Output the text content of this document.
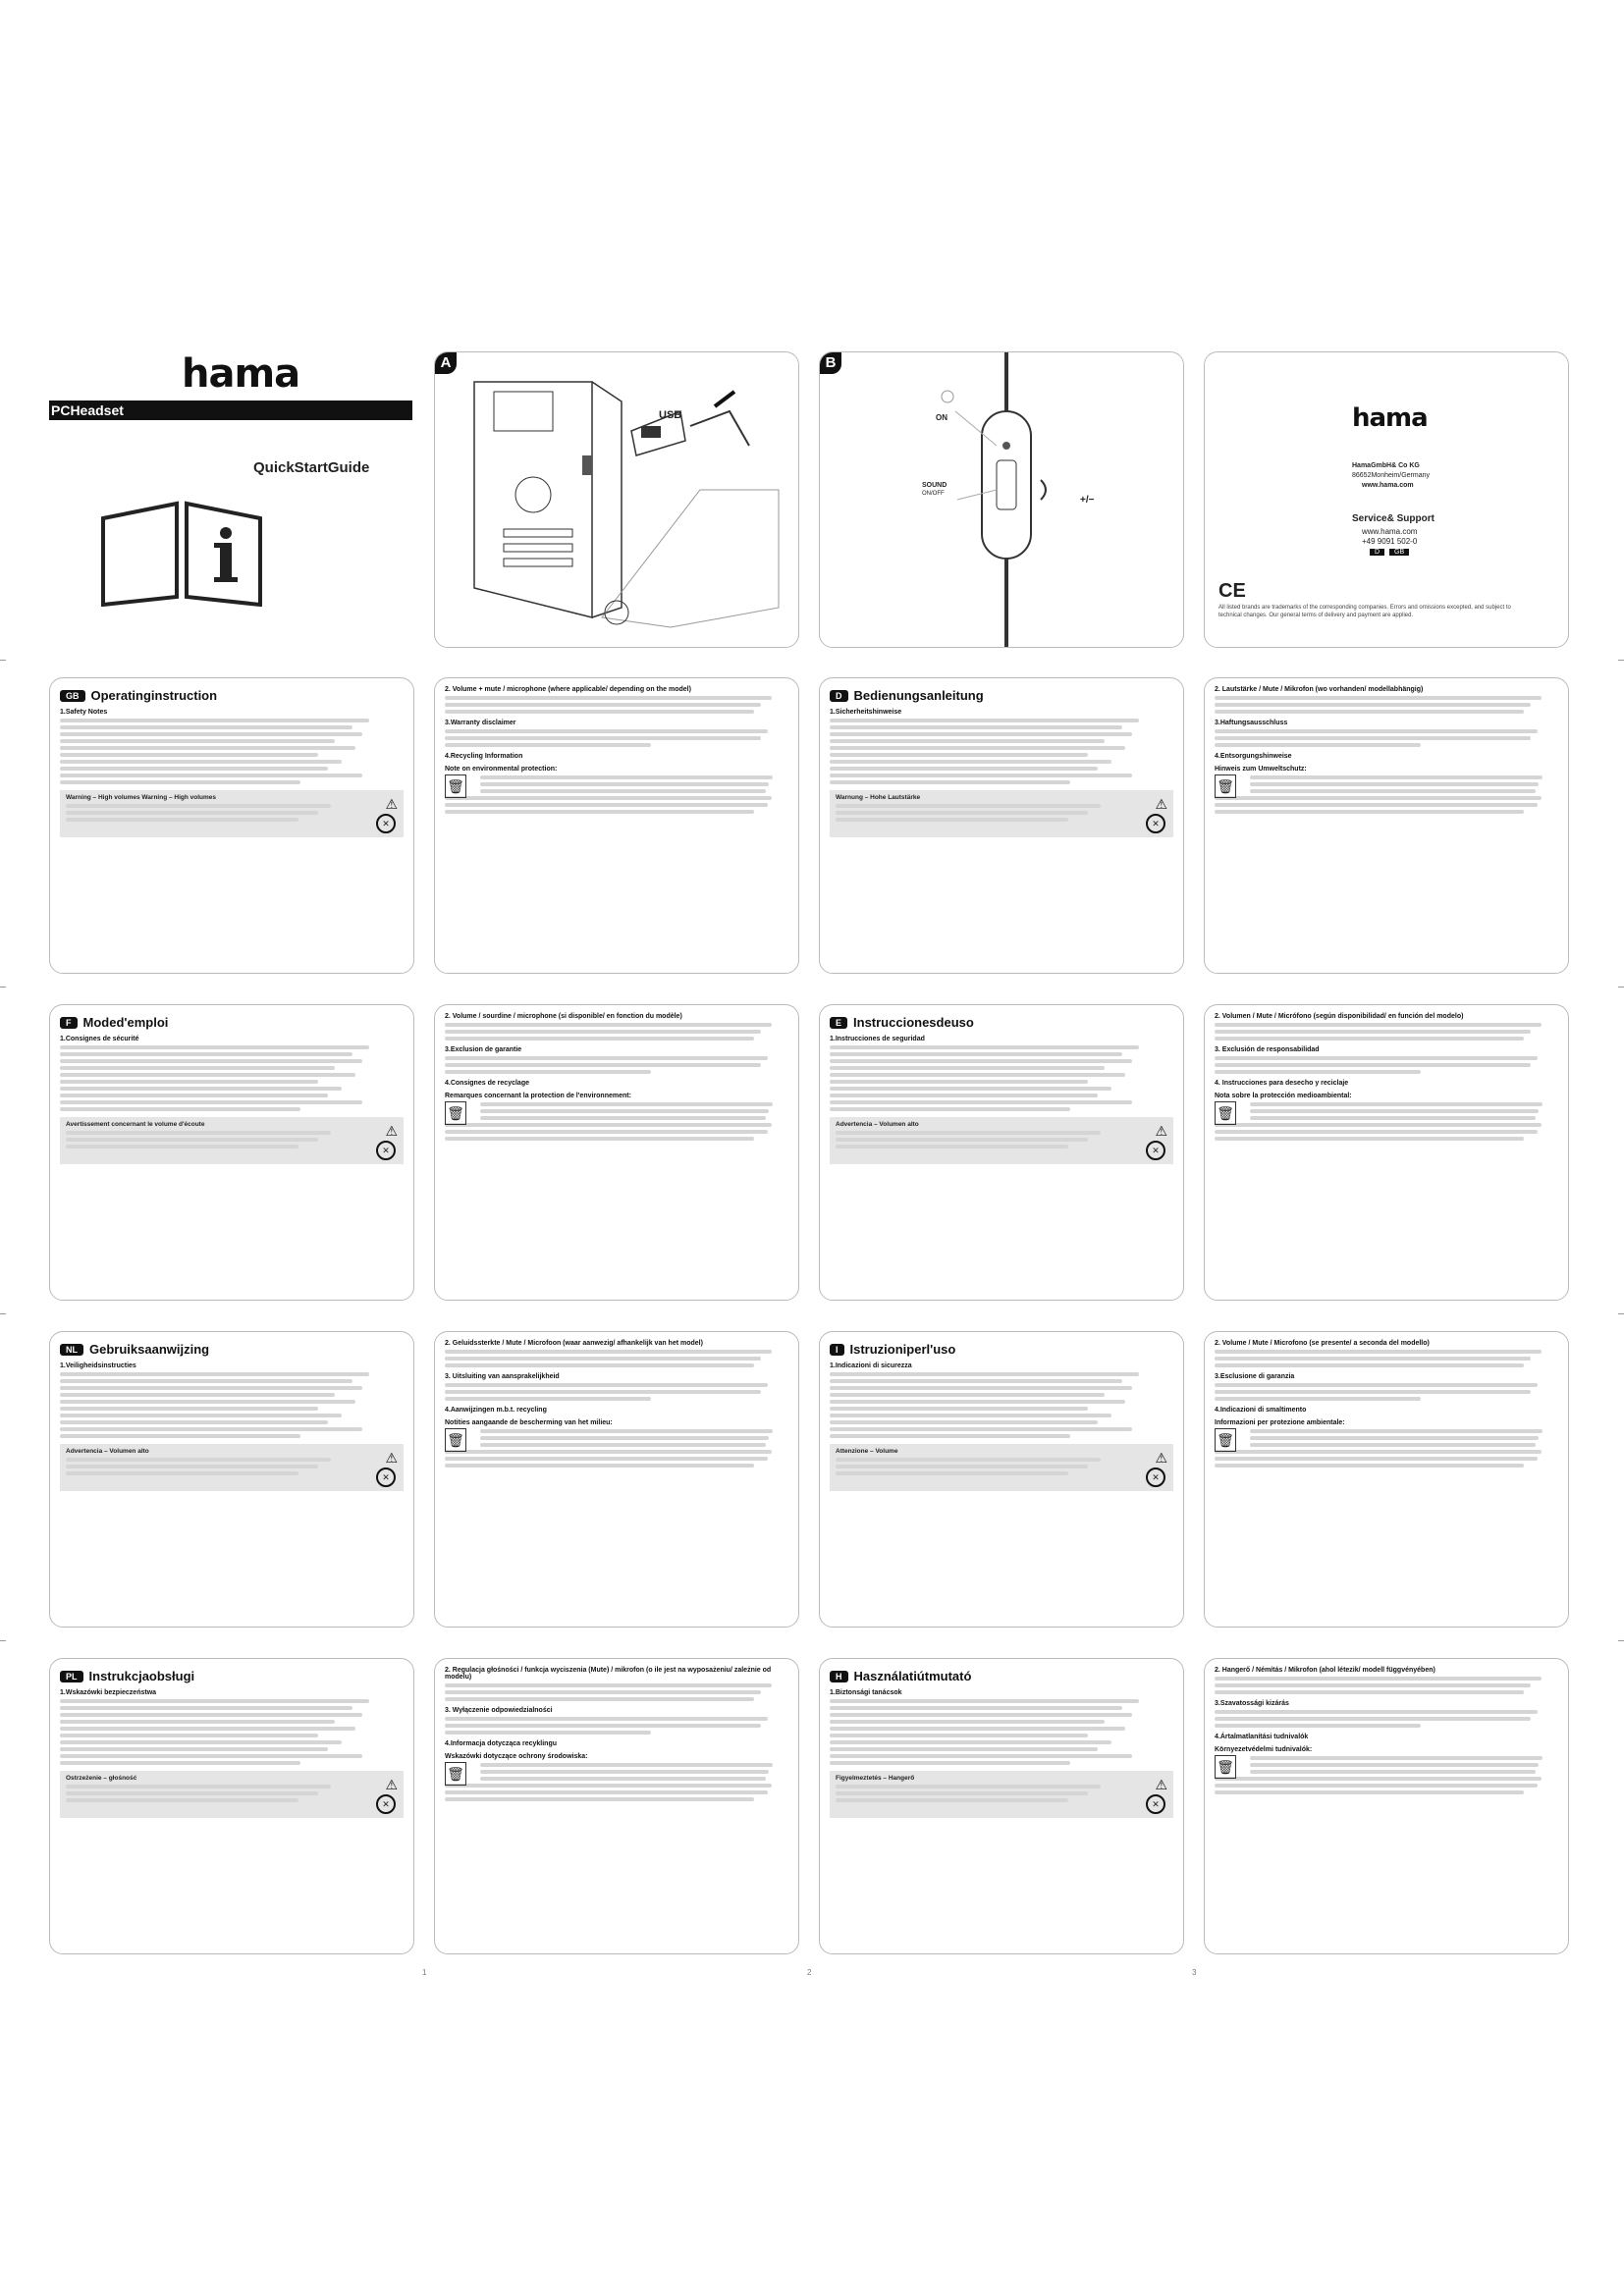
hama
PCHeadset
QuickStartGuide
A
USB
B
ON
SOUND
ON/OFF
+/−
hama
HamaGmbH& Co KG
86652Monheim/Germany
www.hama.com
Service& Support
www.hama.com
+49 9091 502-0
D	GB
CE
All listed brands are trademarks of the corresponding companies. Errors and omissions excepted, and subject to technical changes. Our general terms of delivery and payment are applied.
GB Operatinginstruction
1.Safety Notes
Warning – High volumes Warning – High volumes	⚠
✕
2. Volume + mute / microphone (where applicable/ depending on the model)
3.Warranty disclaimer
4.Recycling Information
Note on environmental protection:
🗑
D Bedienungsanleitung
1.Sicherheitshinweise
Warnung – Hohe Lautstärke	⚠
✕
2. Lautstärke / Mute / Mikrofon (wo vorhanden/ modellabhängig)
3.Haftungsausschluss
4.Entsorgungshinweise
Hinweis zum Umweltschutz:
🗑
F Moded'emploi
1.Consignes de sécurité
Avertissement concernant le volume d'écoute	⚠
✕
2. Volume / sourdine / microphone (si disponible/ en fonction du modèle)
3.Exclusion de garantie
4.Consignes de recyclage
Remarques concernant la protection de l'environnement:
🗑
E Instruccionesdeuso
1.Instrucciones de seguridad
Advertencia – Volumen alto	⚠
✕
2. Volumen / Mute / Micrófono (según disponibilidad/ en función del modelo)
3. Exclusión de responsabilidad
4. Instrucciones para desecho y reciclaje
Nota sobre la protección medioambiental:
🗑
NL Gebruiksaanwijzing
1.Veiligheidsinstructies
Advertencia – Volumen alto	⚠
✕
2. Geluidssterkte / Mute / Microfoon (waar aanwezig/ afhankelijk van het model)
3. Uitsluiting van aansprakelijkheid
4.Aanwijzingen m.b.t. recycling
Notities aangaande de bescherming van het milieu:
🗑
I Istruzioniperl'uso
1.Indicazioni di sicurezza
Attenzione – Volume	⚠
✕
2. Volume / Mute / Microfono (se presente/ a seconda del modello)
3.Esclusione di garanzia
4.Indicazioni di smaltimento
Informazioni per protezione ambientale:
🗑
PL Instrukcjaobsługi
1.Wskazówki bezpieczeństwa
Ostrzeżenie – głośność	⚠
✕
2. Regulacja głośności / funkcja wyciszenia (Mute) / mikrofon (o ile jest na wyposażeniu/ zależnie od modelu)
3. Wyłączenie odpowiedzialności
4.Informacja dotycząca recyklingu
Wskazówki dotyczące ochrony środowiska:
🗑
H Használatiútmutató
1.Biztonsági tanácsok
Figyelmeztetés – Hangerő	⚠
✕
2. Hangerő / Némítás / Mikrofon (ahol létezik/ modell függvényében)
3.Szavatossági kizárás
4.Ártalmatlanítási tudnivalók
Környezetvédelmi tudnivalók:
🗑
1	2	3
